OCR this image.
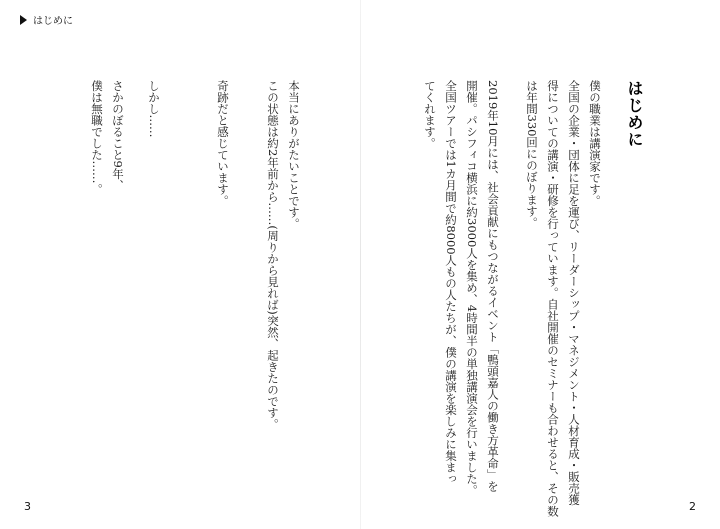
はじめに
はじめに
僕の職業は講演家です。
全国の企業・団体に足を運び、リーダーシップ・マネジメント・人材育成・販売獲
得についての講演・研修を行っています。自社開催のセミナーも合わせると、その数
は年間330回にのぼります。
2019年10月には、社会貢献にもつながるイベント「鴨頭嘉人の働き方革命」を
開催。パシフィコ横浜に約3000人を集め、4時間半の単独講演会を行いました。
全国ツアーでは1カ月間で約8000人もの人たちが、僕の講演を楽しみに集まっ
てくれます。
本当にありがたいことです。
この状態は約2年前から……(周りから見れば)突然、起きたのです。
奇跡だと感じています。
しかし……
さかのぼること9年、
僕は無職でした……。
3	2
